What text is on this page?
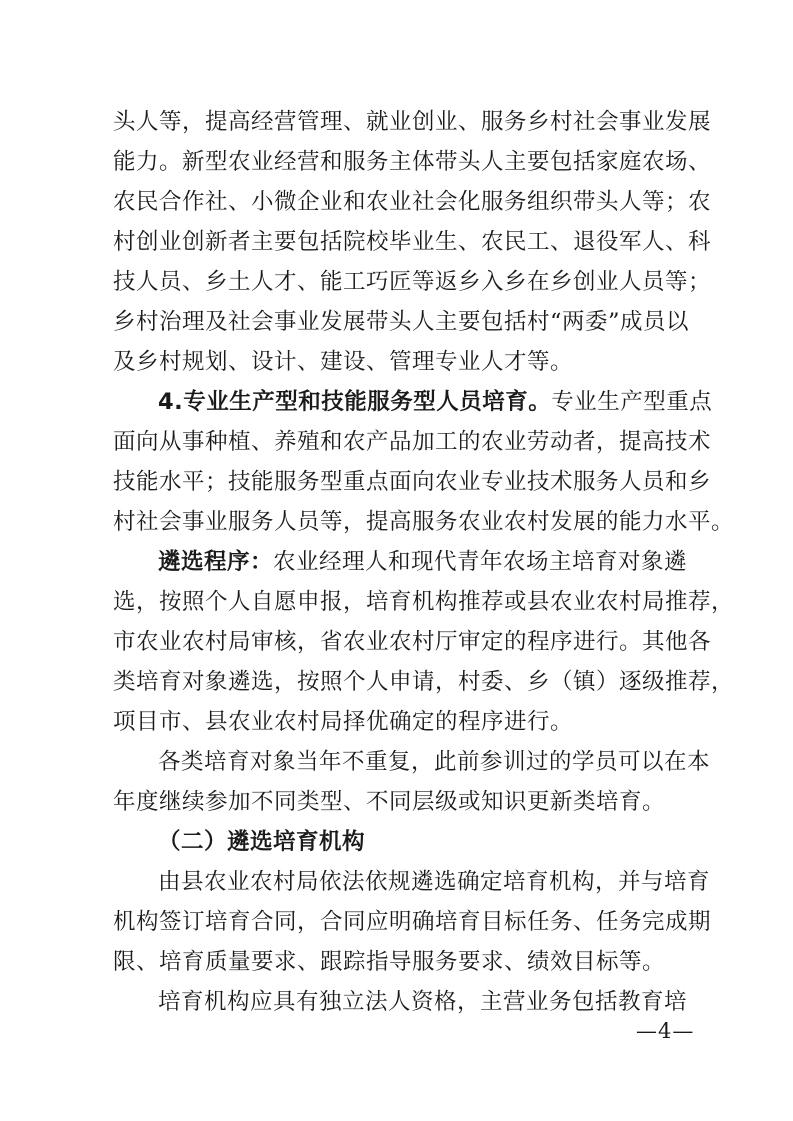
头人等，提高经营管理、就业创业、服务乡村社会事业发展
能力。新型农业经营和服务主体带头人主要包括家庭农场、
农民合作社、小微企业和农业社会化服务组织带头人等；农
村创业创新者主要包括院校毕业生、农民工、退役军人、科
技人员、乡土人才、能工巧匠等返乡入乡在乡创业人员等；
乡村治理及社会事业发展带头人主要包括村“两委”成员以
及乡村规划、设计、建设、管理专业人才等。
4.专业生产型和技能服务型人员培育。专业生产型重点
面向从事种植、养殖和农产品加工的农业劳动者，提高技术
技能水平；技能服务型重点面向农业专业技术服务人员和乡
村社会事业服务人员等，提高服务农业农村发展的能力水平。
遴选程序：农业经理人和现代青年农场主培育对象遴
选，按照个人自愿申报，培育机构推荐或县农业农村局推荐，
市农业农村局审核，省农业农村厅审定的程序进行。其他各
类培育对象遴选，按照个人申请，村委、乡（镇）逐级推荐，
项目市、县农业农村局择优确定的程序进行。
各类培育对象当年不重复，此前参训过的学员可以在本
年度继续参加不同类型、不同层级或知识更新类培育。
（二）遴选培育机构
由县农业农村局依法依规遴选确定培育机构，并与培育
机构签订培育合同，合同应明确培育目标任务、任务完成期
限、培育质量要求、跟踪指导服务要求、绩效目标等。
培育机构应具有独立法人资格，主营业务包括教育培
—4—
